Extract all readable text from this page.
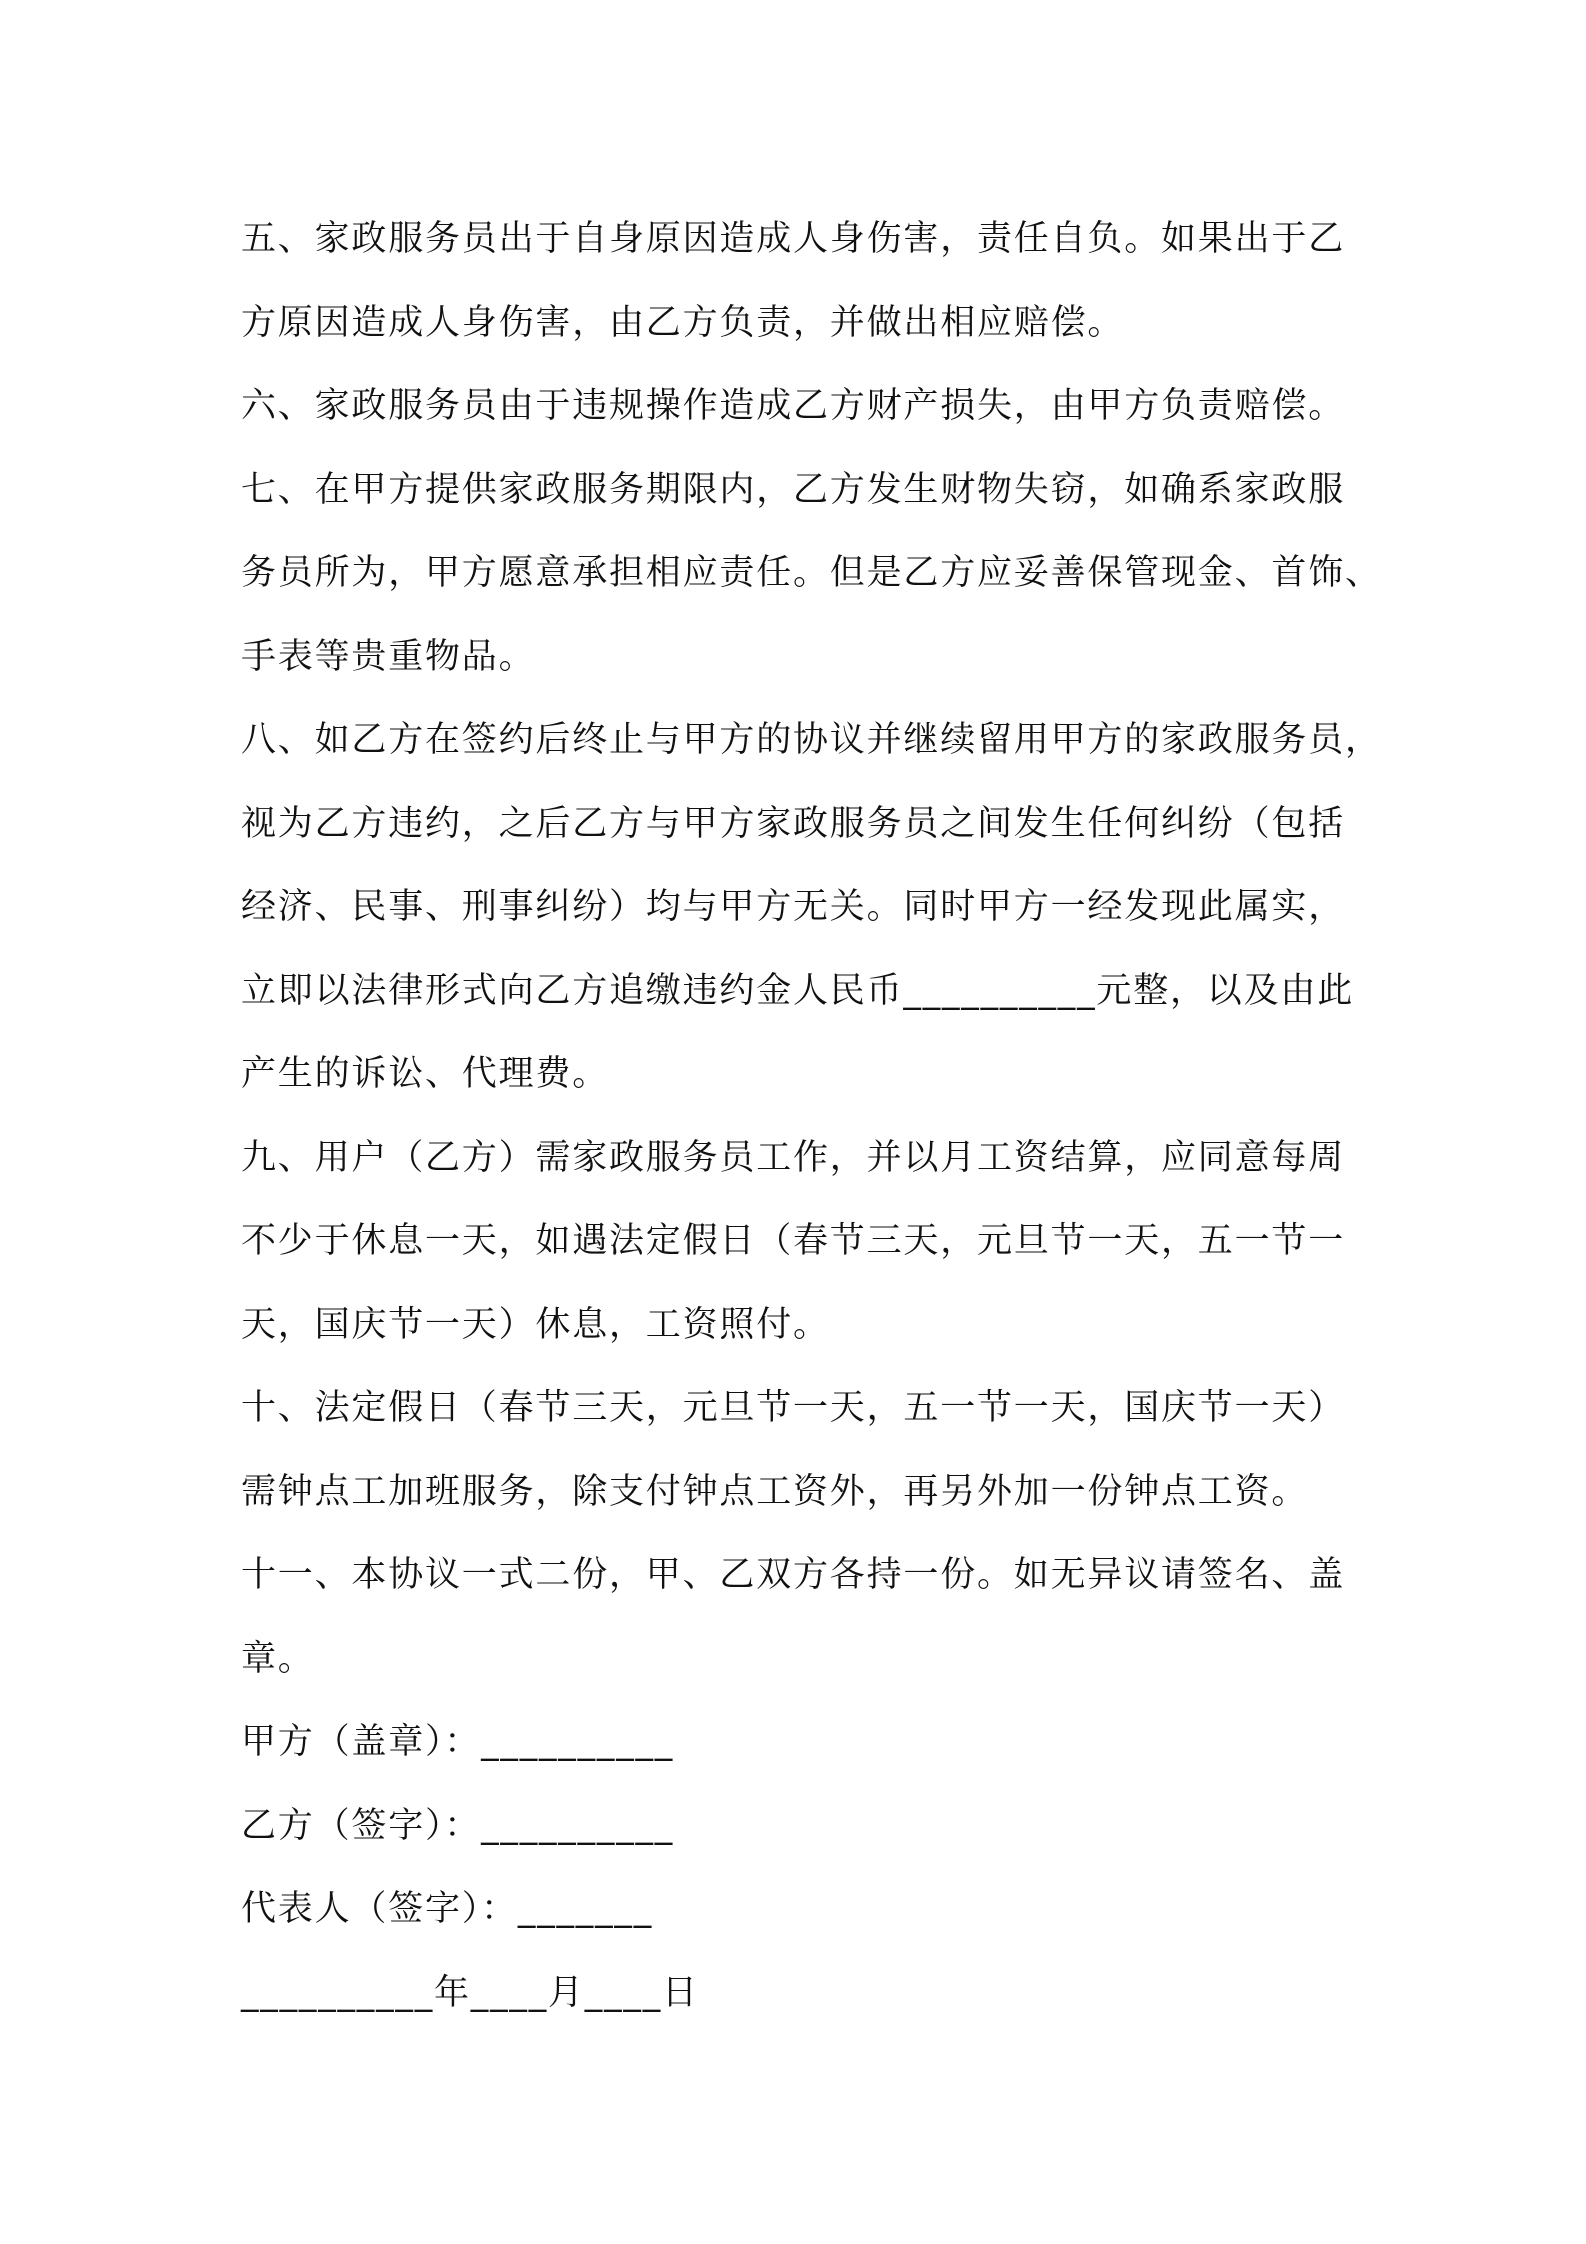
五、家政服务员出于自身原因造成人身伤害，责任自负。如果出于乙
方原因造成人身伤害，由乙方负责，并做出相应赔偿。
六、家政服务员由于违规操作造成乙方财产损失，由甲方负责赔偿。
七、在甲方提供家政服务期限内，乙方发生财物失窃，如确系家政服
务员所为，甲方愿意承担相应责任。但是乙方应妥善保管现金、首饰、
手表等贵重物品。
八、如乙方在签约后终止与甲方的协议并继续留用甲方的家政服务员，
视为乙方违约，之后乙方与甲方家政服务员之间发生任何纠纷（包括
经济、民事、刑事纠纷）均与甲方无关。同时甲方一经发现此属实，
立即以法律形式向乙方追缴违约金人民币__________元整，以及由此
产生的诉讼、代理费。
九、用户（乙方）需家政服务员工作，并以月工资结算，应同意每周
不少于休息一天，如遇法定假日（春节三天，元旦节一天，五一节一
天，国庆节一天）休息，工资照付。
十、法定假日（春节三天，元旦节一天，五一节一天，国庆节一天）
需钟点工加班服务，除支付钟点工资外，再另外加一份钟点工资。
十一、本协议一式二份，甲、乙双方各持一份。如无异议请签名、盖
章。
甲方（盖章）：__________
乙方（签字）：__________
代表人（签字）：_______
__________年____月____日
